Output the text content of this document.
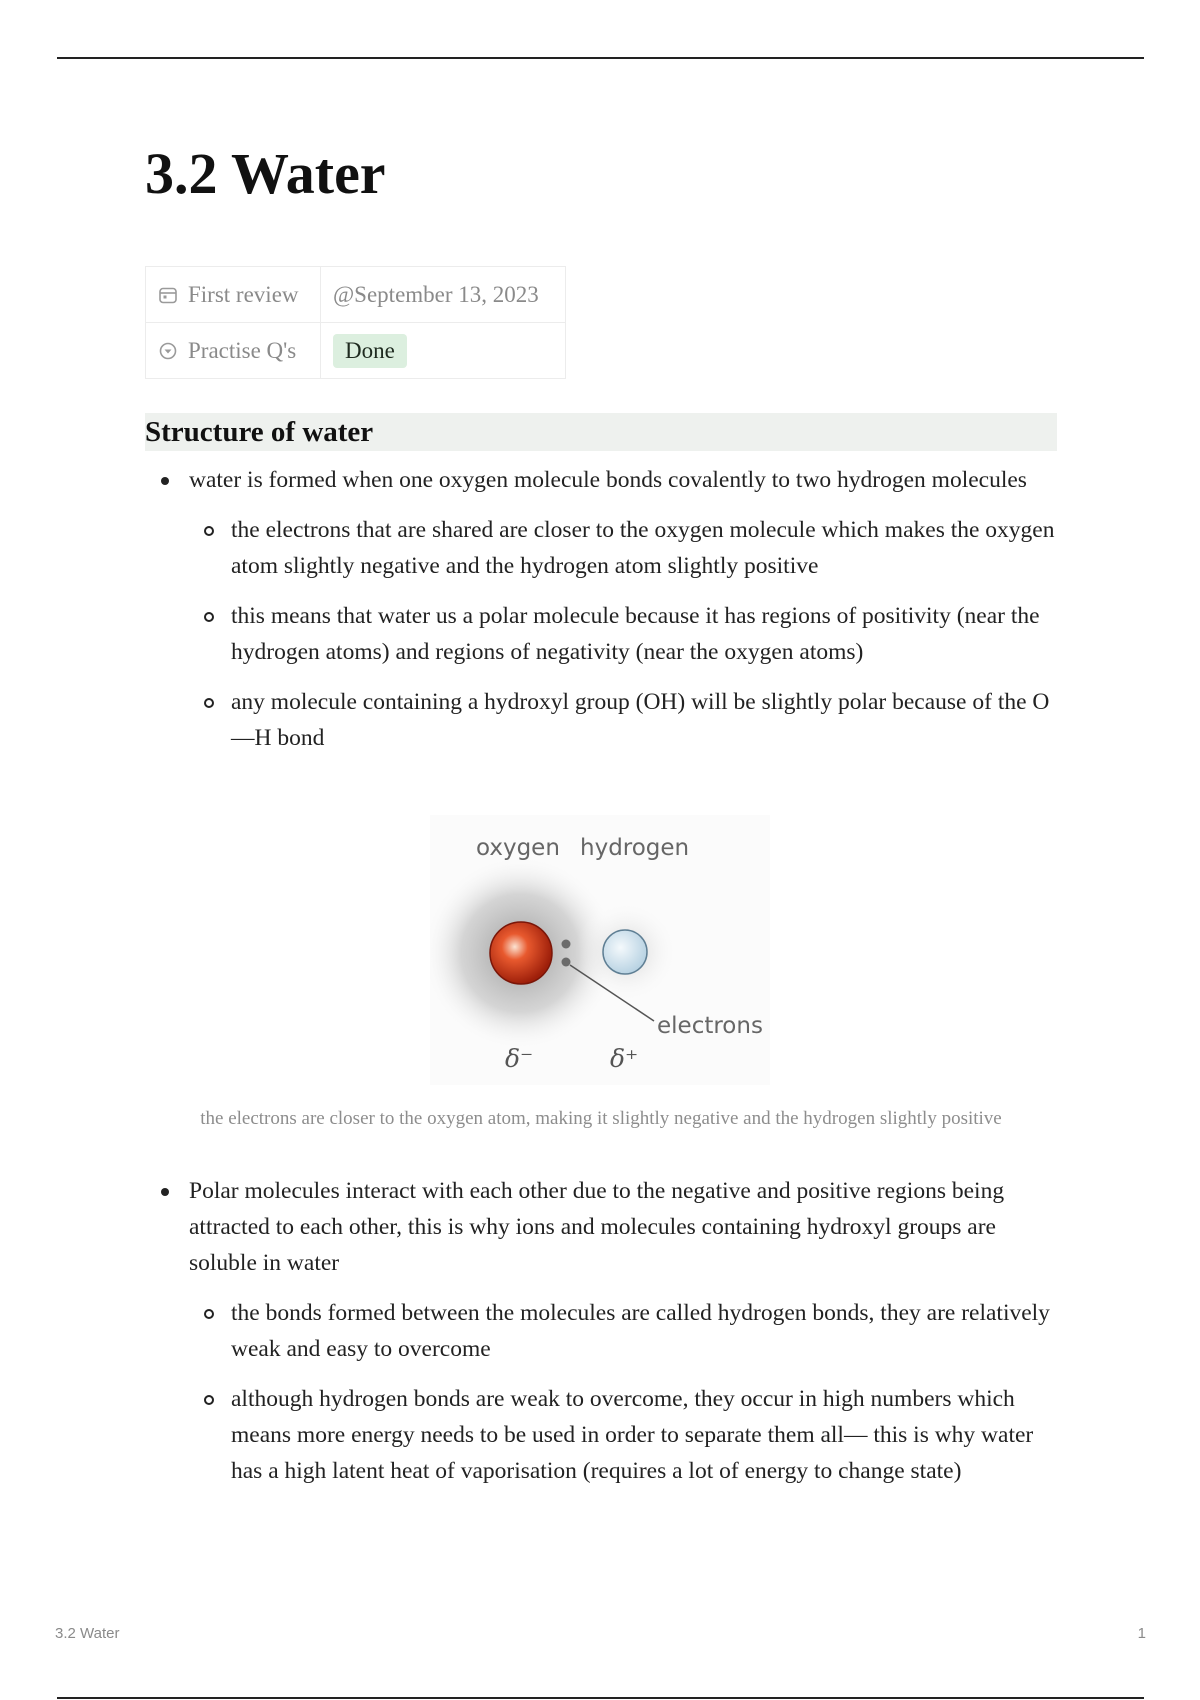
3.2 Water
First review	@September 13, 2023
Practise Q's	Done
Structure of water
water is formed when one oxygen molecule bonds covalently to two hydrogen molecules
the electrons that are shared are closer to the oxygen molecule which makes the oxygen atom slightly negative and the hydrogen atom slightly positive
this means that water us a polar molecule because it has regions of positivity (near the hydrogen atoms) and regions of negativity (near the oxygen atoms)
any molecule containing a hydroxyl group (OH) will be slightly polar because of the O—H bond
oxygen hydrogen
electrons
δ⁻	δ⁺
the electrons are closer to the oxygen atom, making it slightly negative and the hydrogen slightly positive
Polar molecules interact with each other due to the negative and positive regions being attracted to each other, this is why ions and molecules containing hydroxyl groups are soluble in water
the bonds formed between the molecules are called hydrogen bonds, they are relatively weak and easy to overcome
although hydrogen bonds are weak to overcome, they occur in high numbers which means more energy needs to be used in order to separate them all— this is why water has a high latent heat of vaporisation (requires a lot of energy to change state)
3.2 Water	1
